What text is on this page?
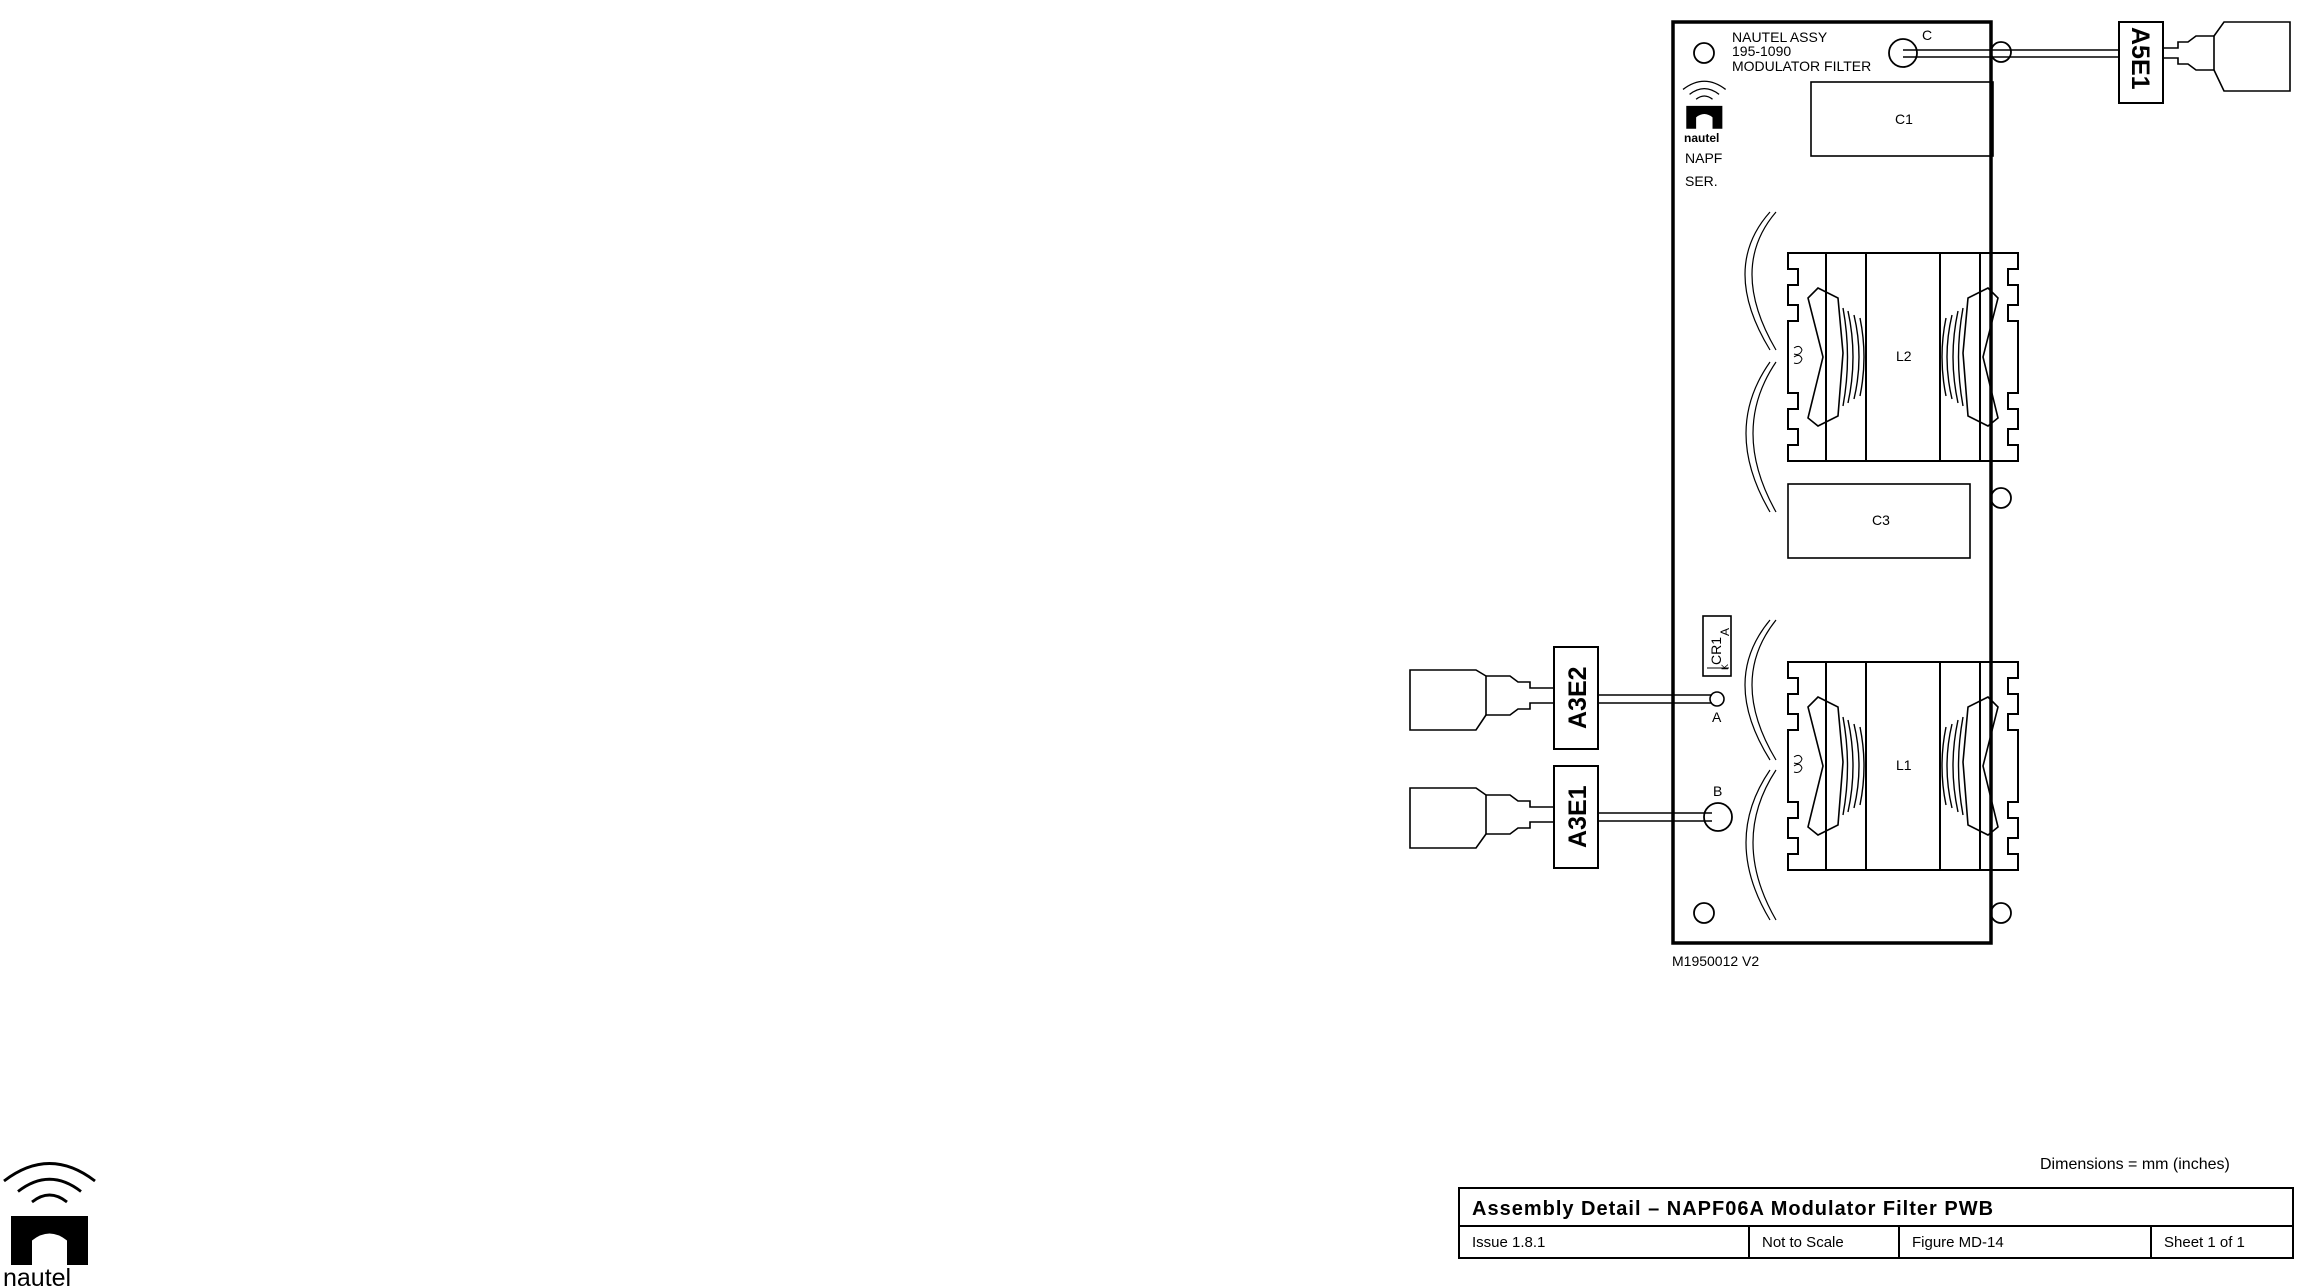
NAUTEL ASSY
195-1090
MODULATOR FILTER
nautel
NAPF
SER.
C1
C3
L2
L1
CR1
A
K
C	A5E1
A
A3E2
B
A3E1
M1950012 V2
nautel
Dimensions = mm (inches)
Assembly Detail – NAPF06A Modulator Filter PWB
Issue 1.8.1	Not to Scale	Figure MD-14	Sheet 1 of 1
